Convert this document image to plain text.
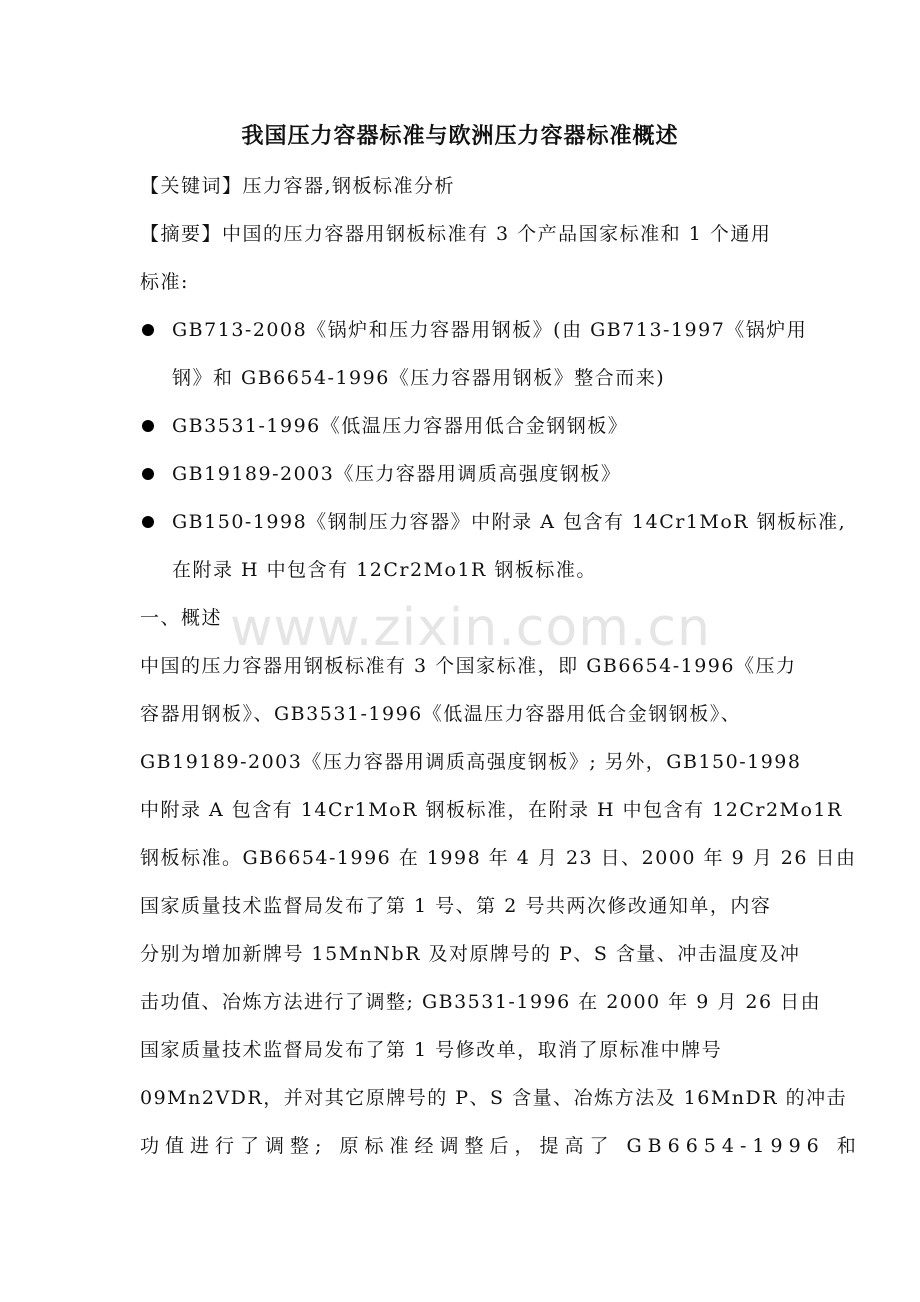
我国压力容器标准与欧洲压力容器标准概述
【关键词】压力容器,钢板标准分析
【摘要】中国的压力容器用钢板标准有 3 个产品国家标准和 1 个通用
标准:
GB713-2008《锅炉和压力容器用钢板》(由 GB713-1997《锅炉用
钢》和 GB6654-1996《压力容器用钢板》整合而来)
GB3531-1996《低温压力容器用低合金钢钢板》
GB19189-2003《压力容器用调质高强度钢板》
GB150-1998《钢制压力容器》中附录 A 包含有 14Cr1MoR 钢板标准,
在附录 H 中包含有 12Cr2Mo1R 钢板标准。
一、概述
中国的压力容器用钢板标准有 3 个国家标准，即 GB6654-1996《压力
容器用钢板》、GB3531-1996《低温压力容器用低合金钢钢板》、
GB19189-2003《压力容器用调质高强度钢板》; 另外，GB150-1998
中附录 A 包含有 14Cr1MoR 钢板标准，在附录 H 中包含有 12Cr2Mo1R
钢板标准。GB6654-1996 在 1998 年 4 月 23 日、2000 年 9 月 26 日由
国家质量技术监督局发布了第 1 号、第 2 号共两次修改通知单，内容
分别为增加新牌号 15MnNbR 及对原牌号的 P、S 含量、冲击温度及冲
击功值、冶炼方法进行了调整; GB3531-1996 在 2000 年 9 月 26 日由
国家质量技术监督局发布了第 1 号修改单，取消了原标准中牌号
09Mn2VDR，并对其它原牌号的 P、S 含量、冶炼方法及 16MnDR 的冲击
功值进行了调整; 原标准经调整后，提高了 GB6654-1996 和
www.zixin.com.cn
